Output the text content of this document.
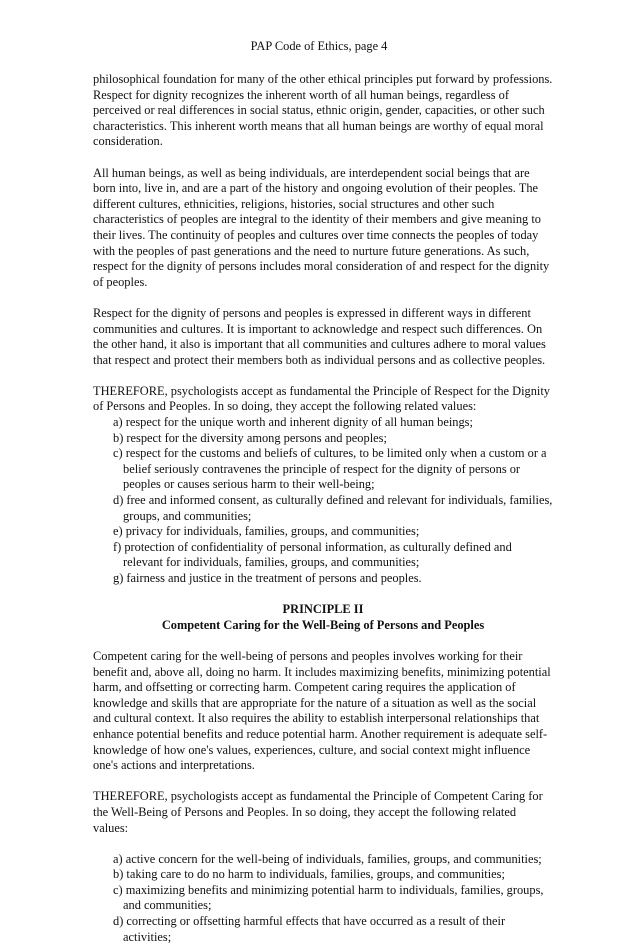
PAP Code of Ethics, page 4

philosophical foundation for many of the other ethical principles put forward by professions. Respect for dignity recognizes the inherent worth of all human beings, regardless of perceived or real differences in social status, ethnic origin, gender, capacities, or other such characteristics. This inherent worth means that all human beings are worthy of equal moral consideration.

All human beings, as well as being individuals, are interdependent social beings that are born into, live in, and are a part of the history and ongoing evolution of their peoples. The different cultures, ethnicities, religions, histories, social structures and other such characteristics of peoples are integral to the identity of their members and give meaning to their lives. The continuity of peoples and cultures over time connects the peoples of today with the peoples of past generations and the need to nurture future generations. As such, respect for the dignity of persons includes moral consideration of and respect for the dignity of peoples.

Respect for the dignity of persons and peoples is expressed in different ways in different communities and cultures. It is important to acknowledge and respect such differences. On the other hand, it also is important that all communities and cultures adhere to moral values that respect and protect their members both as individual persons and as collective peoples.

THEREFORE, psychologists accept as fundamental the Principle of Respect for the Dignity of Persons and Peoples. In so doing, they accept the following related values:

a) respect for the unique worth and inherent dignity of all human beings;
b) respect for the diversity among persons and peoples;
c) respect for the customs and beliefs of cultures, to be limited only when a custom or a belief seriously contravenes the principle of respect for the dignity of persons or peoples or causes serious harm to their well-being;
d) free and informed consent, as culturally defined and relevant for individuals, families, groups, and communities;
e) privacy for individuals, families, groups, and communities;
f) protection of confidentiality of personal information, as culturally defined and relevant for individuals, families, groups, and communities;
g) fairness and justice in the treatment of persons and peoples.
PRINCIPLE II
Competent Caring for the Well-Being of Persons and Peoples

Competent caring for the well-being of persons and peoples involves working for their benefit and, above all, doing no harm. It includes maximizing benefits, minimizing potential harm, and offsetting or correcting harm. Competent caring requires the application of knowledge and skills that are appropriate for the nature of a situation as well as the social and cultural context. It also requires the ability to establish interpersonal relationships that enhance potential benefits and reduce potential harm. Another requirement is adequate self-knowledge of how one's values, experiences, culture, and social context might influence one's actions and interpretations.

THEREFORE, psychologists accept as fundamental the Principle of Competent Caring for the Well-Being of Persons and Peoples. In so doing, they accept the following related values:

a) active concern for the well-being of individuals, families, groups, and communities;
b) taking care to do no harm to individuals, families, groups, and communities;
c) maximizing benefits and minimizing potential harm to individuals, families, groups, and communities;
d) correcting or offsetting harmful effects that have occurred as a result of their activities;
